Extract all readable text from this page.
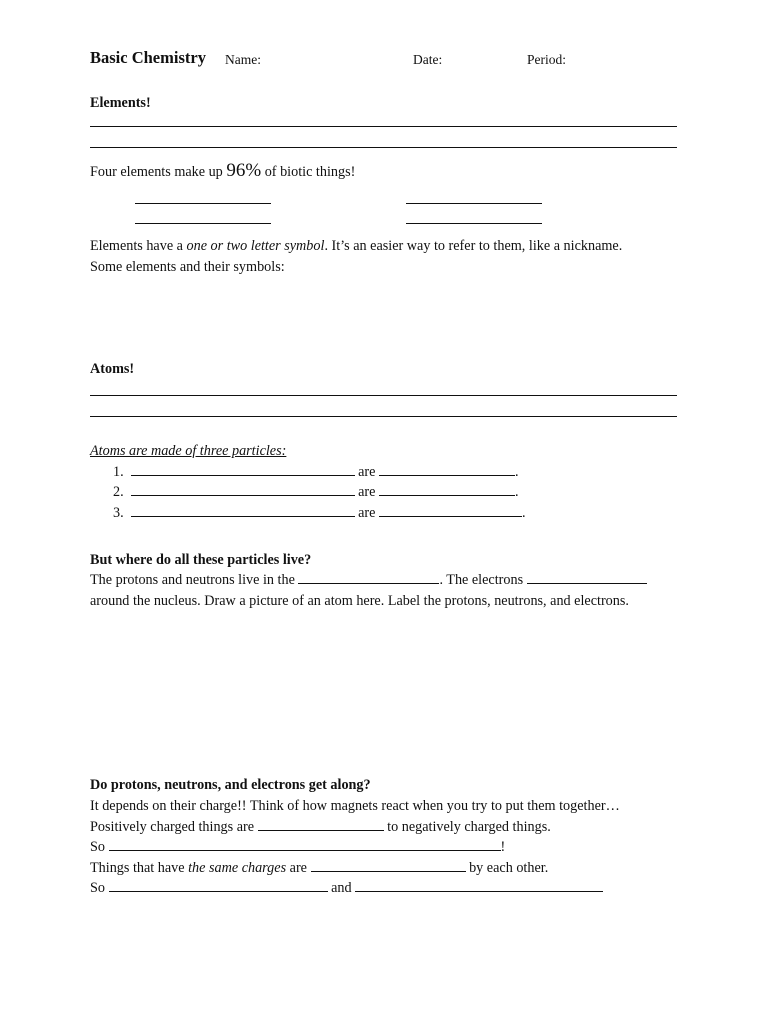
Basic Chemistry Name:	Date:	Period:
Elements!
Four elements make up 96% of biotic things!
Elements have a one or two letter symbol. It’s an easier way to refer to them, like a nickname.
Some elements and their symbols:
Atoms!
Atoms are made of three particles:
1.	are	.
2.	are	.
3.	are	.
But where do all these particles live?
The protons and neutrons live in the	. The electrons
around the nucleus. Draw a picture of an atom here. Label the protons, neutrons, and electrons.
Do protons, neutrons, and electrons get along?
It depends on their charge!! Think of how magnets react when you try to put them together…
Positively charged things are	to negatively charged things.
So	!
Things that have the same charges are	by each other.
So	and
